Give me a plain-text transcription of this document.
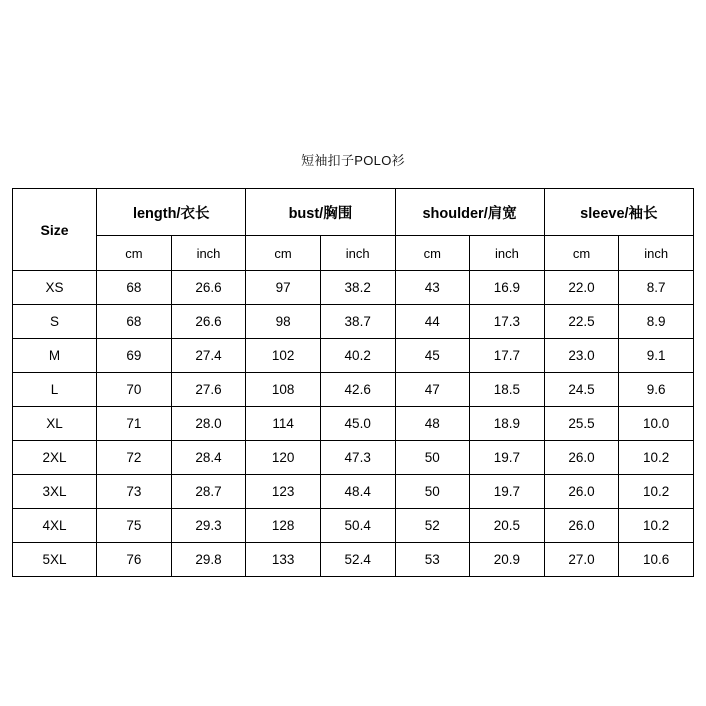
短袖扣子POLO衫
Size	length/衣长		bust/胸围		shoulder/肩宽		sleeve/袖长	
	cm	inch	cm	inch	cm	inch	cm	inch
XS	68	26.6	97	38.2	43	16.9	22.0	8.7
S	68	26.6	98	38.7	44	17.3	22.5	8.9
M	69	27.4	102	40.2	45	17.7	23.0	9.1
L	70	27.6	108	42.6	47	18.5	24.5	9.6
XL	71	28.0	114	45.0	48	18.9	25.5	10.0
2XL	72	28.4	120	47.3	50	19.7	26.0	10.2
3XL	73	28.7	123	48.4	50	19.7	26.0	10.2
4XL	75	29.3	128	50.4	52	20.5	26.0	10.2
5XL	76	29.8	133	52.4	53	20.9	27.0	10.6
